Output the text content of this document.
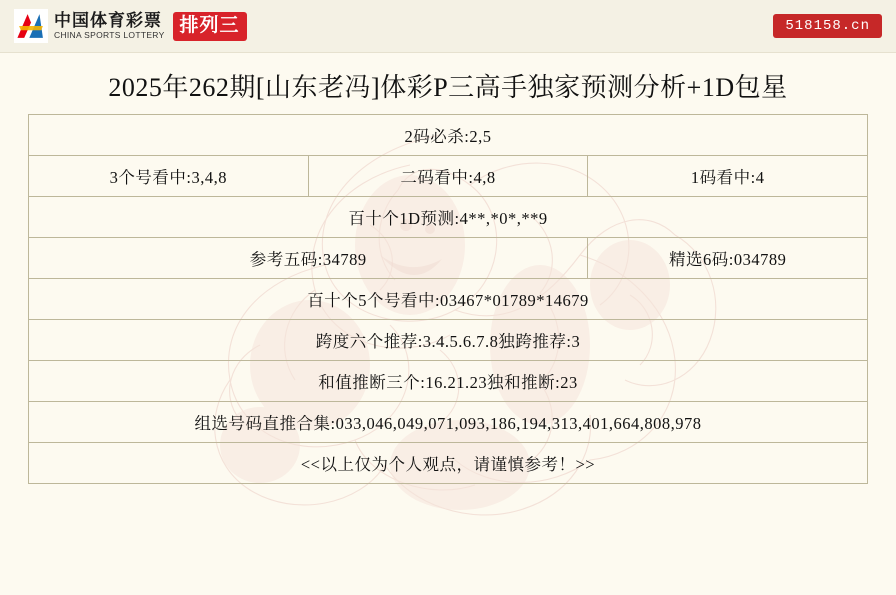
中国体育彩票
CHINA SPORTS LOTTERY 排列三	518158.cn
2025年262期[山东老冯]体彩P三高手独家预测分析+1D包星
2码必杀:2,5		
3个号看中:3,4,8	二码看中:4,8	1码看中:4
百十个1D预测:4**,*0*,**9		
参考五码:34789		精选6码:034789
百十个5个号看中:03467*01789*14679		
跨度六个推荐:3.4.5.6.7.8独跨推荐:3		
和值推断三个:16.21.23独和推断:23		
组选号码直推合集:033,046,049,071,093,186,194,313,401,664,808,978		
<<以上仅为个人观点，请谨慎参考！>>		
